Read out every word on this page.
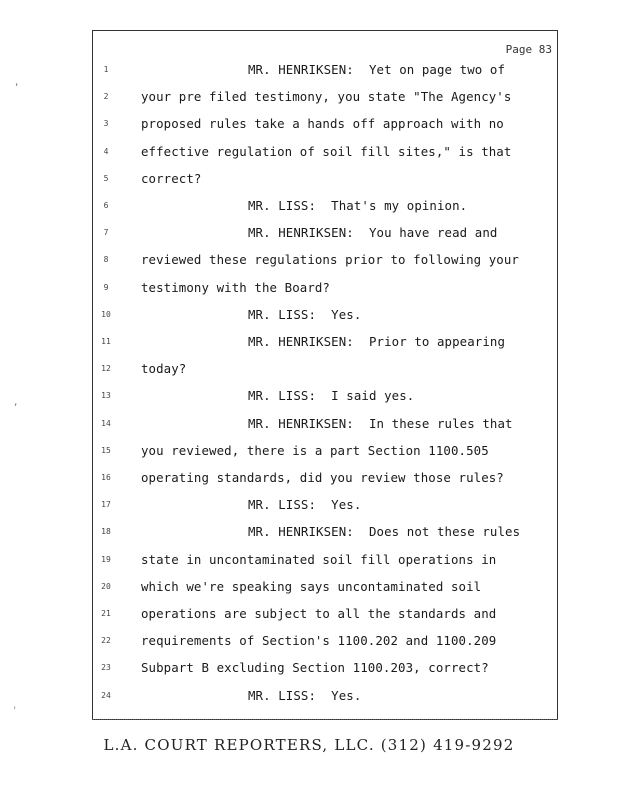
Page 83
1	MR. HENRIKSEN:  Yet on page two of
2	your pre filed testimony, you state "The Agency's
3	proposed rules take a hands off approach with no
4	effective regulation of soil fill sites," is that
5	correct?
6	MR. LISS:  That's my opinion.
7	MR. HENRIKSEN:  You have read and
8	reviewed these regulations prior to following your
9	testimony with the Board?
10	MR. LISS:  Yes.
11	MR. HENRIKSEN:  Prior to appearing
12	today?
13	MR. LISS:  I said yes.
14	MR. HENRIKSEN:  In these rules that
15	you reviewed, there is a part Section 1100.505
16	operating standards, did you review those rules?
17	MR. LISS:  Yes.
18	MR. HENRIKSEN:  Does not these rules
19	state in uncontaminated soil fill operations in
20	which we're speaking says uncontaminated soil
21	operations are subject to all the standards and
22	requirements of Section's 1100.202 and 1100.209
23	Subpart B excluding Section 1100.203, correct?
24	MR. LISS:  Yes.
L.A. COURT REPORTERS, LLC. (312) 419-9292
,
,
'
